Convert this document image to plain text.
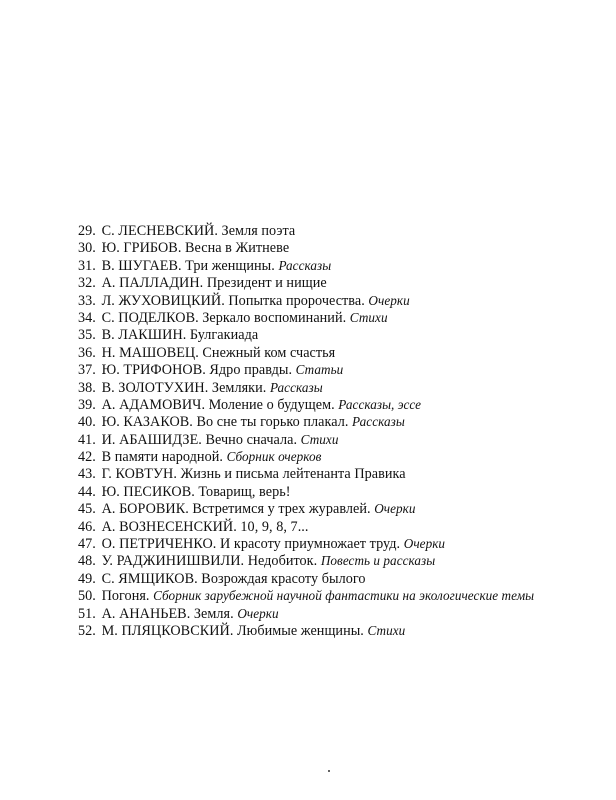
29. С. ЛЕСНЕВСКИЙ. Земля поэта
30. Ю. ГРИБОВ. Весна в Житневе
31. В. ШУГАЕВ. Три женщины. Рассказы
32. А. ПАЛЛАДИН. Президент и нищие
33. Л. ЖУХОВИЦКИЙ. Попытка пророчества. Очерки
34. С. ПОДЕЛКОВ. Зеркало воспоминаний. Стихи
35. В. ЛАКШИН. Булгакиада
36. Н. МАШОВЕЦ. Снежный ком счастья
37. Ю. ТРИФОНОВ. Ядро правды. Статьи
38. В. ЗОЛОТУХИН. Земляки. Рассказы
39. А. АДАМОВИЧ. Моление о будущем. Рассказы, эссе
40. Ю. КАЗАКОВ. Во сне ты горько плакал. Рассказы
41. И. АБАШИДЗЕ. Вечно сначала. Стихи
42. В памяти народной. Сборник очерков
43. Г. КОВТУН. Жизнь и письма лейтенанта Правика
44. Ю. ПЕСИКОВ. Товарищ, верь!
45. А. БОРОВИК. Встретимся у трех журавлей. Очерки
46. А. ВОЗНЕСЕНСКИЙ. 10, 9, 8, 7...
47. О. ПЕТРИЧЕНКО. И красоту приумножает труд. Очерки
48. У. РАДЖИНИШВИЛИ. Недобиток. Повесть и рассказы
49. С. ЯМЩИКОВ. Возрождая красоту былого
50. Погоня. Сборник зарубежной научной фантастики на экологические темы
51. А. АНАНЬЕВ. Земля. Очерки
52. М. ПЛЯЦКОВСКИЙ. Любимые женщины. Стихи
